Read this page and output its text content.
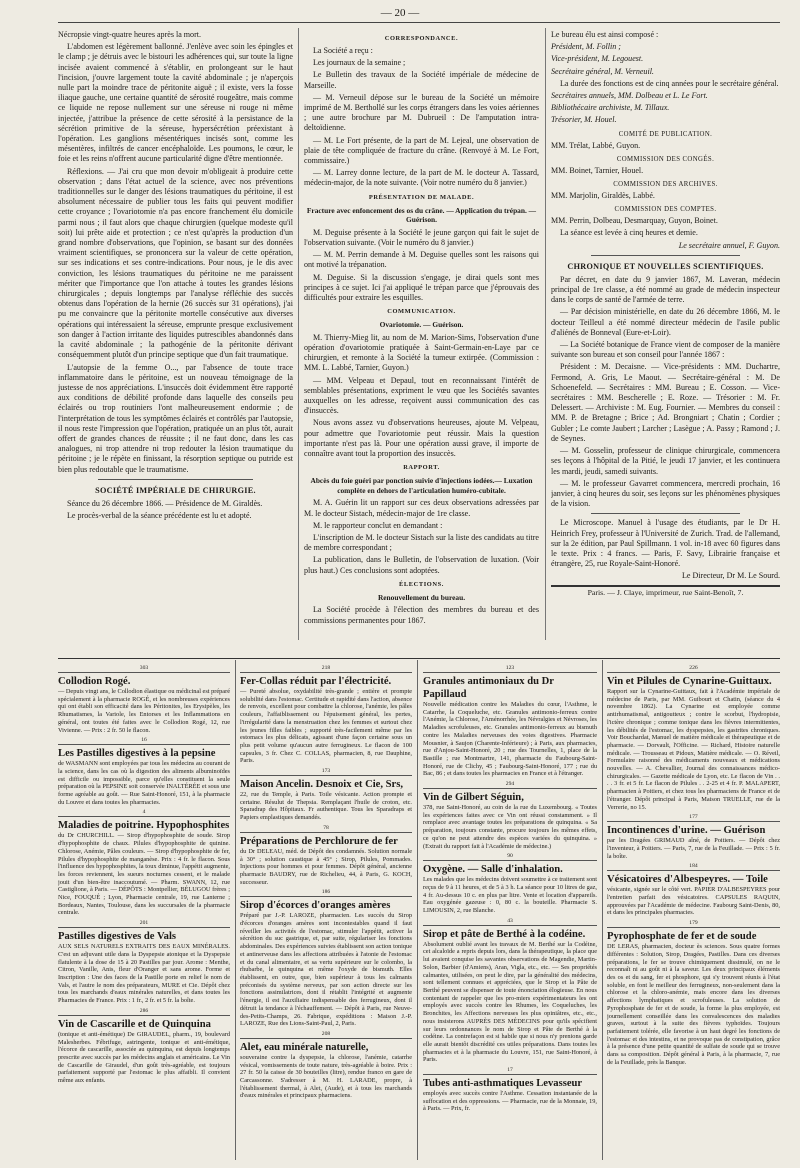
— 20 —

Nécropsie vingt-quatre heures après la mort.

L'abdomen est légèrement ballonné. J'enlève avec soin les épingles et le clamp ; je détruis avec le bistouri les adhérences qui, sur toute la ligne incisée avaient commencé à s'établir, en prolongeant sur le haut l'incision, j'ouvre largement toute la cavité abdominale ; je n'aperçois nulle part la moindre trace de péritonite aiguë ; il existe, vers la fosse iliaque gauche, une certaine quantité de sérosité rougeâtre, mais comme ce liquide ne repose nullement sur une séreuse ni rouge ni même injectée, j'attribue la présence de cette sérosité à la persistance de la sécrétion primitive de la séreuse, hypersécrétion préexistant à l'opération. Les ganglions mésentériques incisés sont, comme les mésentères, infiltrés de cancer encéphaloïde. Les poumons, le cœur, le foie et les reins n'offrent aucune particularité digne d'être mentionnée.

Réflexions. — J'ai cru que mon devoir m'obligeait à produire cette observation ; dans l'état actuel de la science, avec nos préventions traditionnelles sur le danger des lésions traumatiques du péritoine, il est absolument nécessaire de publier tous les faits qui peuvent modifier cette croyance ; l'ovariotomie n'a pas encore franchement élu domicile parmi nous ; il faut alors que chaque chirurgien (quelque modeste qu'il soit) lui prête aide et protection ; ce n'est qu'après la production d'un grand nombre d'observations, que l'opinion, se basant sur des données vraiment scientifiques, se prononcera sur la valeur de cette opération, sur ses indications et ses contre-indications. Pour nous, je le dis avec conviction, les lésions traumatiques du péritoine ne me paraissent mériter que l'importance que l'on attache à toutes les grandes lésions chirurgicales ; depuis longtemps par l'analyse réfléchie des succès obtenus dans l'opération de la hernie (26 succès sur 31 opérations), j'ai pu me convaincre que la péritonite mortelle consécutive aux diverses opérations qui intéressaient la séreuse, emprunte presque exclusivement son danger à l'action irritante des liquides putrescibles abandonnés dans la cavité abdominale ; la pathogénie de la péritonite dérivant conséquemment plutôt d'un principe septique que d'un fait traumatique.

L'autopsie de la femme O..., par l'absence de toute trace inflammatoire dans le péritoine, est un nouveau témoignage de la justesse de nos appréciations. L'insuccès doit évidemment être rapporté aux conditions de débilité profonde dans laquelle des conseils peu éclairés ou trop routiniers l'ont malheureusement endormie ; de l'interprétation de tous les symptômes éclairés et contrôlés par l'autopsie, il nous reste l'impression que l'opération, pratiquée un an plus tôt, aurait offert de grandes chances de réussite ; il ne faut donc, dans les cas analogues, ni trop attendre ni trop redouter la lésion traumatique du péritoine ; je le répète en finissant, la résorption septique ou putride est bien plus redoutable que le traumatisme.

SOCIÉTÉ IMPÉRIALE DE CHIRURGIE.

Séance du 26 décembre 1866. — Présidence de M. Giraldès.

Le procès-verbal de la séance précédente est lu et adopté.

CORRESPONDANCE.

La Société a reçu :

Les journaux de la semaine ;

Le Bulletin des travaux de la Société impériale de médecine de Marseille.

— M. Verneuil dépose sur le bureau de la Société un mémoire imprimé de M. Berthollé sur les corps étrangers dans les voies aériennes ; une autre brochure par M. Dubrueil : De l'amputation intra-deltoïdienne.

— M. Le Fort présente, de la part de M. Lejeal, une observation de plaie de tête compliquée de fracture du crâne. (Renvoyé à M. Le Fort, commissaire.)

— M. Larrey donne lecture, de la part de M. le docteur A. Tassard, médecin-major, de la note suivante. (Voir notre numéro du 8 janvier.)

PRÉSENTATION DE MALADE.
Fracture avec enfoncement des os du crâne. — Application du trépan. — Guérison.

M. Deguise présente à la Société le jeune garçon qui fait le sujet de l'observation suivante. (Voir le numéro du 8 janvier.)

— M. M. Perrin demande à M. Deguise quelles sont les raisons qui ont motivé la trépanation.

M. Deguise. Si la discussion s'engage, je dirai quels sont mes principes à ce sujet. Ici j'ai appliqué le trépan parce que j'éprouvais des difficultés pour extraire les esquilles.

COMMUNICATION.
Ovariotomie. — Guérison.

M. Thierry-Mieg lit, au nom de M. Marion-Sims, l'observation d'une opération d'ovariotomie pratiquée à Saint-Germain-en-Laye par ce chirurgien, et remonte à la Société la tumeur extirpée. (Commission : MM. L. Labbé, Tarnier, Guyon.)

— MM. Velpeau et Depaul, tout en reconnaissant l'intérêt de semblables présentations, expriment le vœu que les Sociétés savantes auxquelles on les adresse, reçoivent aussi communication des cas d'insuccès.

Nous avons assez vu d'observations heureuses, ajoute M. Velpeau, pour admettre que l'ovariotomie peut réussir. Mais la question importante n'est pas là. Pour une opération aussi grave, il importe de connaître avant tout la proportion des insuccès.

RAPPORT.
Abcès du foie guéri par ponction suivie d'injections iodées.— Luxation complète en dehors de l'articulation huméro-cubitale.

M. A. Guérin lit un rapport sur ces deux observations adressées par M. le docteur Sistach, médecin-major de 1re classe.

M. le rapporteur conclut en demandant :

L'inscription de M. le docteur Sistach sur la liste des candidats au titre de membre correspondant ;

La publication, dans le Bulletin, de l'observation de luxation. (Voir plus haut.) Ces conclusions sont adoptées.

ÉLECTIONS.
Renouvellement du bureau.

La Société procède à l'élection des membres du bureau et des commissions permanentes pour 1867.

Le bureau élu est ainsi composé :

Président, M. Follin ;

Vice-président, M. Legouest.

Secrétaire général, M. Verneuil.

La durée des fonctions est de cinq années pour le secrétaire général.

Secrétaires annuels, MM. Dolbeau et L. Le Fort.

Bibliothécaire archiviste, M. Tillaux.

Trésorier, M. Houel.

COMITÉ DE PUBLICATION.

MM. Trélat, Labbé, Guyon.

COMMISSION DES CONGÉS.

MM. Boinet, Tarnier, Houel.

COMMISSION DES ARCHIVES.

MM. Marjolin, Giraldès, Labbé.

COMMISSION DES COMPTES.

MM. Perrin, Dolbeau, Desmarquay, Guyon, Boinet.

La séance est levée à cinq heures et demie.

Le secrétaire annuel, F. Guyon.

CHRONIQUE ET NOUVELLES SCIENTIFIQUES.

Par décret, en date du 9 janvier 1867, M. Laveran, médecin principal de 1re classe, a été nommé au grade de médecin inspecteur dans le corps de santé de l'armée de terre.

— Par décision ministérielle, en date du 26 décembre 1866, M. le docteur Teilleul a été nommé directeur médecin de l'asile public d'aliénés de Bonneval (Eure-et-Loir).

— La Société botanique de France vient de composer de la manière suivante son bureau et son conseil pour l'année 1867 :

Président : M. Decaisne. — Vice-présidents : MM. Duchartre, Fermond, A. Gris, Le Maout. — Secrétaire-général : M. De Schoenefeld. — Secrétaires : MM. Bureau ; E. Cosson. — Vice-secrétaires : MM. Bescherelle ; E. Roze. — Trésorier : M. Fr. Delessert. — Archiviste : M. Eug. Fournier. — Membres du conseil : MM. P. de Bretagne ; Brice ; Ad. Brongniart ; Chatin ; Cordier ; Gubler ; Le comte Jaubert ; Larcher ; Lasègue ; A. Passy ; Ramond ; J. de Seynes.

— M. Gosselin, professeur de clinique chirurgicale, commencera ses leçons à l'hôpital de la Pitié, le jeudi 17 janvier, et les continuera les mardi, jeudi, samedi suivants.

— M. le professeur Gavarret commencera, mercredi prochain, 16 janvier, à cinq heures du soir, ses leçons sur les phénomènes physiques de la vision.

Le Microscope. Manuel à l'usage des étudiants, par le Dr H. Heinrich Frey, professeur à l'Université de Zurich. Trad. de l'allemand, sur la 2e édition, par Paul Spillmann. 1 vol. in-18 avec 60 figures dans le texte. Prix : 4 francs. — Paris, F. Savy, Librairie française et étrangère, 25, rue Royale-Saint-Honoré.

Le Directeur, Dr M. Le Sourd.

Paris. — J. Claye, imprimeur, rue Saint-Benoît, 7.
303
Collodion Rogé.
— Depuis vingt ans, le Collodion élastique ou médicinal est préparé spécialement à la pharmacie ROGÉ, et les nombreuses expériences qui ont établi son efficacité dans les Péritonites, les Erysipèles, les Rhumatismes, la Variole, les Entorses et les Inflammations en général, ont toutes été faites avec le Collodion Rogé, 12, rue Vivienne. — Prix : 2 fr. 50 le flacon.
16
Les Pastilles digestives à la pepsine
de WASMANN sont employées par tous les médecins au courant de la science, dans les cas où la digestion des aliments albuminoïdes est difficile ou impossible, parce qu'elles constituent la seule préparation où la PEPSINE soit conservée INALTÉRÉE et sous une forme agréable au goût. — Rue Saint-Honoré, 151, à la pharmacie du Louvre et dans toutes les pharmacies.
4
Maladies de poitrine. Hypophosphites
du Dr CHURCHILL. — Sirop d'hypophosphite de soude. Sirop d'hypophosphite de chaux. Pilules d'hypophosphite de quinine. Chlorose, Anémie, Pâles couleurs. — Sirop d'hypophosphite de fer, Pilules d'hypophosphite de manganèse. Prix : 4 fr. le flacon. Sous l'influence des hypophosphites, la toux diminue, l'appétit augmente, les forces reviennent, les sueurs nocturnes cessent, et le malade jouit d'un bien-être inaccoutumé. — Pharm. SWANN, 12, rue Castiglione, à Paris. — DÉPÔTS : Montpellier, BÉLUGOU frères ; Nice, FOUQUÉ ; Lyon, Pharmacie centrale, 19, rue Lanterne ; Bordeaux, Nantes, Toulouse, dans les succursales de la pharmacie centrale.
201
Pastilles digestives de Vals
AUX SELS NATURELS EXTRAITS DES EAUX MINÉRALES. C'est un adjuvant utile dans la Dyspepsie atonique et la Dyspepsie flatulente à la dose de 15 à 20 Pastilles par jour. Arome : Menthe, Citron, Vanille, Anis, fleur d'Oranger et sans arome. Forme et Inscription : Une des faces de la Pastille porte en relief le nom de Vals, et l'autre le nom des préparateurs, MURE et Cie. Dépôt chez tous les marchands d'eaux minérales naturelles, et dans toutes les Pharmacies de France. Prix : 1 fr., 2 fr. et 5 fr. la boîte.
286
Vin de Cascarille et de Quinquina
(tonique et anti-émétique) De GIRAUDEL, pharm., 19, boulevard Malesherbes. Fébrifuge, astringente, tonique et anti-émétique, l'écorce de cascarille, associée au quinquina, est depuis longtemps prescrite avec succès par les médecins anglais et américains. Le Vin de Cascarille de Giraudel, d'un goût très-agréable, est toujours parfaitement supporté par l'estomac le plus affaibli. Il convient même aux enfants.
218
Fer-Collas réduit par l'électricité.
— Pureté absolue, oxydabilité très-grande ; entière et prompte solubilité dans l'estomac. Certitude et rapidité dans l'action, absence de renvois, excellent pour combattre la chlorose, l'anémie, les pâles couleurs, l'affaiblissement ou l'épuisement général, les pertes, l'irrégularité dans la menstruation chez les femmes et surtout chez les jeunes filles faibles ; supporté très-facilement même par les estomacs les plus délicats, agissant d'une façon certaine sous un plus petit volume qu'aucun autre ferrugineux. Le flacon de 100 capsules, 3 fr. Chez C. COLLAS, pharmacien, 8, rue Dauphine, Paris.
173
Maison Ancelin. Desnoix et Cie, Srs,
22, rue du Temple, à Paris. Toile vésicante. Action prompte et certaine. Résulut de Thepsia. Remplaçant l'huile de croton, etc. Sparadrap des Hôpitaux. Fr authentique. Tous les Sparadraps et Papiers emplastiques demandés.
78
Préparations de Perchlorure de fer
du Dr DELEAU, méd. de Dépôt des condamnés. Solution normale à 30° ; solution caustique à 45° ; Sirop, Pilules, Pommades. Injections pour hommes et pour femmes. Dépôt général, ancienne pharmacie BAUDRY, rue de Richelieu, 44, à Paris, G. KOCH, successeur.
186
Sirop d'écorces d'oranges amères
Préparé par J.-P. LAROZE, pharmacien. Les succès du Sirop d'écorces d'oranges amères sont incontestables quand il faut réveiller les activités de l'estomac, stimuler l'appétit, activer la sécrétion du suc gastrique, et, par suite, régulariser les fonctions abdominales. Des expériences suivies établissent son action tonique et antinerveuse dans les affections attribuées à l'atonie de l'estomac et du canal alimentaire, et sa vertu supérieure sur le colombo, la rhubarbe, le quinquina et même l'oxyde de bismuth. Elles établissent, en outre, que, bien supérieur à tous les calmants préconisés du système nerveux, par son action directe sur les fonctions assimilatrices, dont il rétablit l'intégrité et augmente l'énergie, il est l'auxiliaire indispensable des ferrugineux, dont il détruit la tendance à l'échauffement. — Dépôt à Paris, rue Neuve-des-Petits-Champs, 26. Fabrique, expéditions : Maison J.-P. LAROZE, Rue des Lions-Saint-Paul, 2, Paris.
208
Alet, eau minérale naturelle,
souveraine contre la dyspepsie, la chlorose, l'anémie, catarrhe vésical, vomissements de toute nature, très-agréable à boire. Prix : 27 fr. 50 la caisse de 30 bouteilles (litre), rendue franco en gare de Carcassonne. S'adresser à M. H. LARADE, propre, à l'établissement thermal, à Alet, (Aude), et à tous les marchands d'eaux minérales et principaux pharmaciens.
123
Granules antimoniaux du Dr Papillaud
Nouvelle médication contre les Maladies du cœur, l'Asthme, le Catarrhe, la Coqueluche, etc. Granules antimonio-ferreux contre l'Anémie, la Chlorose, l'Aménorrhée, les Névralgies et Névroses, les Maladies scrofuleuses, etc. Granules antimonio-ferreux au bismuth contre les Maladies nerveuses des voies digestives. Pharmacie Mousnier, à Saujon (Charente-Inférieure) ; à Paris, aux pharmacies, rue d'Anjou-Saint-Honoré, 20 ; rue des Tournelles, 1, place de la Bastille ; rue Montmartre, 141, pharmacie du Faubourg-Saint-Honoré, rue de Clichy, 45 ; Faubourg-Saint-Honoré, 177 ; rue du Bac, 86 ; et dans toutes les pharmacies en France et à l'étranger.
294
Vin de Gilbert Séguin,
378, rue Saint-Honoré, au coin de la rue du Luxembourg. « Toutes les expériences faites avec ce Vin ont réussi constamment. » Il remplace avec avantage toutes les préparations de quinquina. « Sa préparation, toujours constante, procure toujours les mêmes effets, ce qu'on ne peut attendre des espèces variées du quinquina. » (Extrait du rapport fait à l'Académie de médecine.)
90
Oxygène. — Salle d'inhalation.
Les malades que les médecins doivent soumettre à ce traitement sont reçus de 9 à 11 heures, et de 5 à 3 h. La séance pour 10 litres de gaz, 4 fr. Au-dessus 10 c. en plus par litre. Vente et location d'appareils. Eau oxygénée gazeuse : 0, 80 c. la bouteille. Pharmacie S. LIMOUSIN, 2, rue Blanche.
43
Sirop et pâte de Berthé à la codéine.
Absolument oublié avant les travaux de M. Berthé sur la Codéine, cet alcaloïde a repris depuis lors, dans la thérapeutique, la place que lui avaient conquise les savantes observations de Magendie, Martin-Solon, Barbier (d'Amiens), Aran, Vigla, etc., etc. — Ses propriétés calmantes, utilisées, on peut le dire, par la généralité des médecins, sont tellement connues et appréciées, que le Sirop et la Pâte de Berthé peuvent se dispenser de toute énonciation élogieuse. En nous contentant de rappeler que les pro-miers expérimentateurs les ont employés avec succès contre les Rhumes, les Coqueluches, les Bronchites, les Affections nerveuses les plus opiniâtres, etc., etc., nous insisterons AUPRÈS DES MÉDECINS pour qu'ils spécifient sur leurs ordonnances le nom de Sirop et Pâte de Berthé à la codéine. La contrefaçon est si habile que si nous n'y prenions garde elle aurait bientôt discrédité ces utiles préparations. Dans toutes les pharmacies et à la pharmacie du Louvre, 151, rue Saint-Honoré, à Paris.
17
Tubes anti-asthmatiques Levasseur
employés avec succès contre l'Asthme. Cessation instantanée de la suffocation et des oppressions. — Pharmacie, rue de la Monnaie, 19, à Paris. — Prix, fr.
226
Vin et Pilules de Cynarine-Guittaux.
Rapport sur la Cynarine-Guittaux, fait à l'Académie impériale de médecine de Paris, par MM. Guibourt et Chatin, (séance du 4 novembre 1862). La Cynarine est employée comme antirhumatismal, antigoutteux ; contre le scorbut, l'hydropisie, l'ictère chronique ; comme tonique dans les fièvres intermittentes, les débilités de l'estomac, les dyspepsies, les gastrites chroniques. Voir Bouchardat, Manuel de matière médicale et thérapeutique et de pharmacie. — Dorvault, l'Officine. — Richard, Histoire naturelle médicale. — Trousseau et Pidoux, Matière médicale. — O. Réveil, Formulaire raisonné des médicaments nouveaux et médications nouvelles. — A. Chevallier, Journal des connaissances médico-chirurgicales. — Gazette médicale de Lyon, etc. Le flacon de Vin . . . . 3 fr. et 5 fr. Le flacon de Pilules . . 2-25 et 4 fr. P. MALAPERT, pharmacien à Poitiers, et chez tous les pharmaciens de France et de l'étranger. Dépôt principal à Paris, Maison TRUELLE, rue de la Verrerie, no 15.
177
Incontinences d'urine. — Guérison
par les Dragées GRIMAUD aîné, de Poitiers. — Dépôt chez l'inventeur, à Poitiers. — Paris, 7, rue de la Feuillade. — Prix : 5 fr. la boîte.
184
Vésicatoires d'Albespeyres. — Toile
vésicante, signée sur le côté vert. PAPIER D'ALBESPEYRES pour l'entretien parfait des vésicatoires. CAPSULES RAQUIN, approuvées par l'Académie de médecine. Faubourg Saint-Denis, 80, et dans les principales pharmacies.
179
Pyrophosphate de fer et de soude
DE LERAS, pharmacien, docteur ès sciences. Sous quatre formes différentes : Solution, Sirop, Dragées, Pastilles. Dans ces diverses préparations, le fer se trouve chimiquement dissimulé, on ne le reconnaît ni au goût ni à la saveur. Les deux principaux éléments des os et du sang, fer et phosphore, qui s'y trouvent réunis à l'état soluble, en font le meilleur des ferrugineux, non-seulement dans la chlorose et la chloro-anémie, mais encore dans les diverses affections lymphatiques et scrofuleuses. La solution de Pyrophosphate de fer et de soude, la forme la plus employée, est journellement conseillée dans les convalescences des maladies graves, surtout à la suite des fièvres typhoïdes. Toujours parfaitement tolérée, elle favorise à un haut degré les fonctions de l'estomac et des intestins, et ne provoque pas de constipation, grâce à la présence d'une petite quantité de sulfate de soude qui se trouve dans sa composition. Dépôt général à Paris, à la pharmacie, 7, rue de la Feuillade, près la Banque.
